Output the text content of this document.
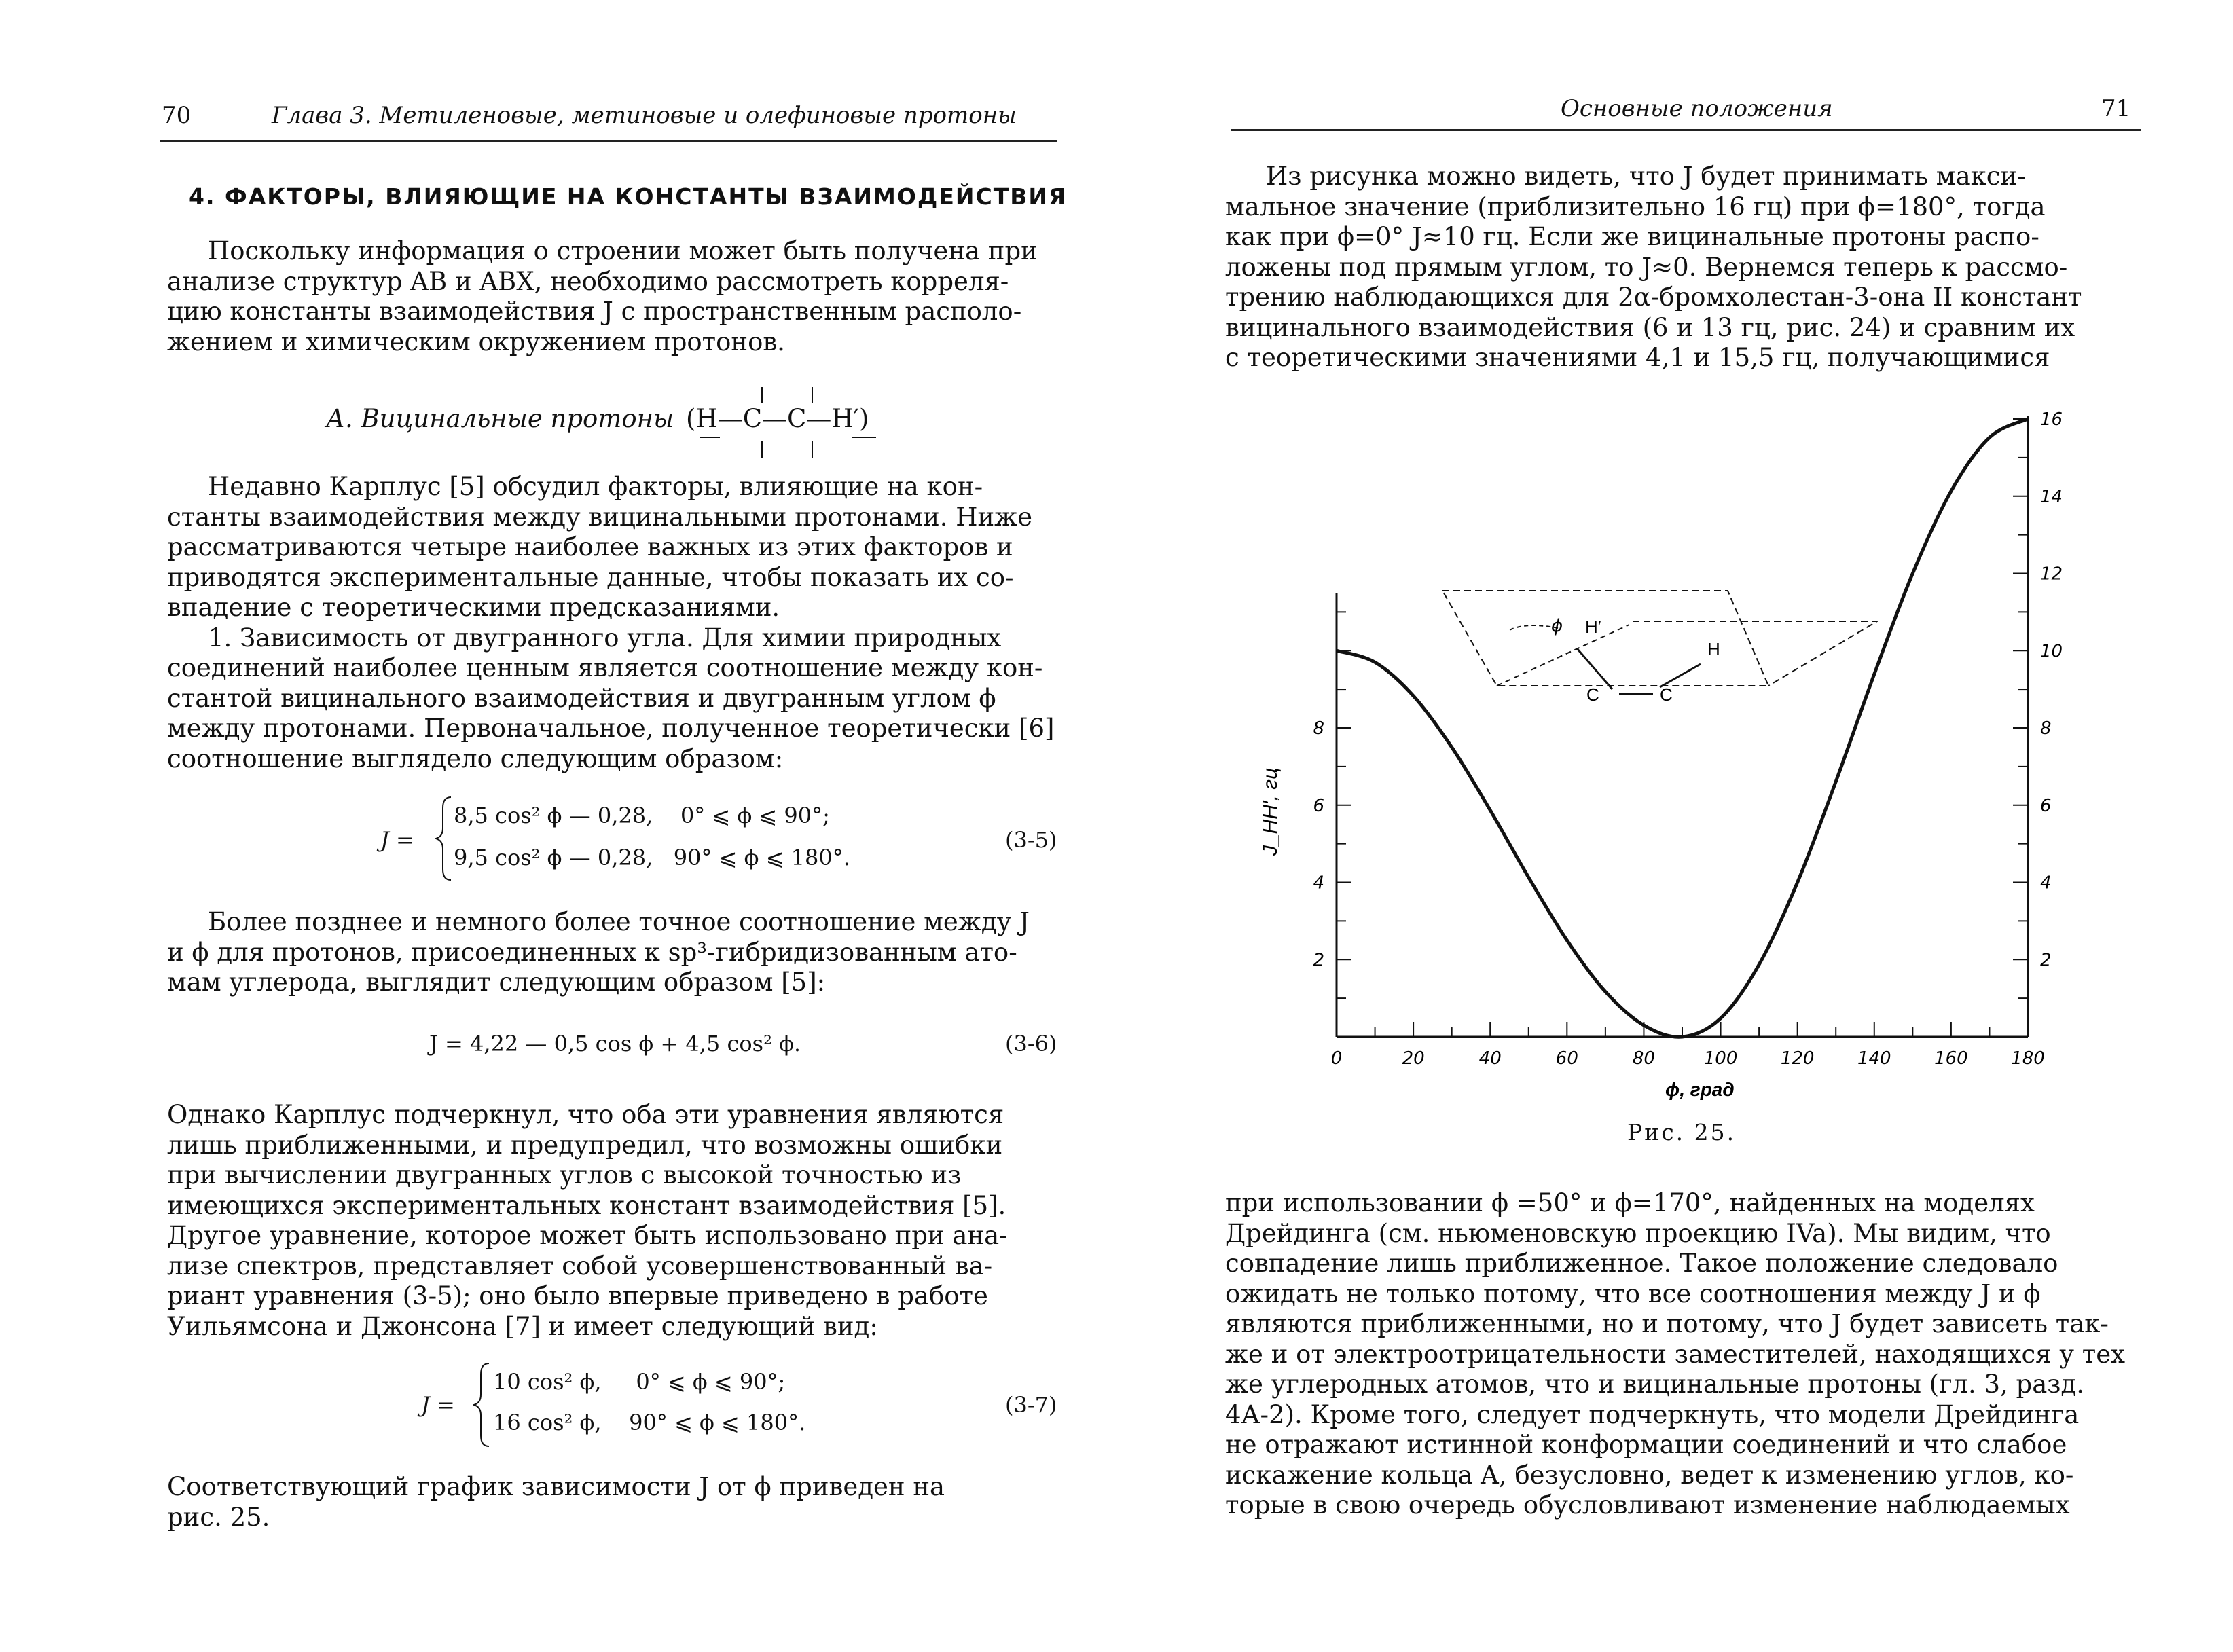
70	Глава 3. Метиленовые, метиновые и олефиновые протоны
4. ФАКТОРЫ, ВЛИЯЮЩИЕ НА КОНСТАНТЫ ВЗАИМОДЕЙСТВИЯ

Поскольку информация о строении может быть получена при

анализе структур AB и ABX, необходимо рассмотреть корреля-

цию константы взаимодействия J с пространственным располо-

жением и химическим окружением протонов.

А. Вицинальные протоны (H—C—C—H′)

Недавно Карплус [5] обсудил факторы, влияющие на кон-

станты взаимодействия между вицинальными протонами. Ниже

рассматриваются четыре наиболее важных из этих факторов и

приводятся экспериментальные данные, чтобы показать их со-

впадение с теоретическими предсказаниями.

1. Зависимость от двугранного угла. Для химии природных

соединений наиболее ценным является соотношение между кон-

стантой вицинального взаимодействия и двугранным углом ϕ

между протонами. Первоначальное, полученное теоретически [6]

соотношение выглядело следующим образом:

J =
8,5 cos² ϕ — 0,28,    0° ⩽ ϕ ⩽ 90°;
9,5 cos² ϕ — 0,28,   90° ⩽ ϕ ⩽ 180°.
(3-5)

Более позднее и немного более точное соотношение между J

и ϕ для протонов, присоединенных к sp³-гибридизованным ато-

мам углерода, выглядит следующим образом [5]:

J = 4,22 — 0,5 cos ϕ + 4,5 cos² ϕ.	(3-6)

Однако Карплус подчеркнул, что оба эти уравнения являются

лишь приближенными, и предупредил, что возможны ошибки

при вычислении двугранных углов с высокой точностью из

имеющихся экспериментальных констант взаимодействия [5].

Другое уравнение, которое может быть использовано при ана-

лизе спектров, представляет собой усовершенствованный ва-

риант уравнения (3-5); оно было впервые приведено в работе

Уильямсона и Джонсона [7] и имеет следующий вид:

J =
10 cos² ϕ,     0° ⩽ ϕ ⩽ 90°;
16 cos² ϕ,    90° ⩽ ϕ ⩽ 180°.
(3-7)

Соответствующий график зависимости J от ϕ приведен на

рис. 25.

Основные положения	71

Из рисунка можно видеть, что J будет принимать макси-

мальное значение (приблизительно 16 гц) при ϕ=180°, тогда

как при ϕ=0° J≈10 гц. Если же вицинальные протоны распо-

ложены под прямым углом, то J≈0. Вернемся теперь к рассмо-

трению наблюдающихся для 2α-бромхолестан-3-она II констант

вицинального взаимодействия (6 и 13 гц, рис. 24) и сравним их

с теоретическими значениями 4,1 и 15,5 гц, получающимися

0	20	40	60	80	100 120 140 160 180
2
4
6
8
2
4
6
8
10
12
14
16
ϕ H′
H
C	C
J_HH′, гц
ϕ, град
Рис. 25.

при использовании ϕ =50° и ϕ=170°, найденных на моделях

Дрейдинга (см. ньюменовскую проекцию IVa). Мы видим, что

совпадение лишь приближенное. Такое положение следовало

ожидать не только потому, что все соотношения между J и ϕ

являются приближенными, но и потому, что J будет зависеть так-

же и от электроотрицательности заместителей, находящихся у тех

же углеродных атомов, что и вицинальные протоны (гл. 3, разд.

4А-2). Кроме того, следует подчеркнуть, что модели Дрейдинга

не отражают истинной конформации соединений и что слабое

искажение кольца A, безусловно, ведет к изменению углов, ко-

торые в свою очередь обусловливают изменение наблюдаемых
